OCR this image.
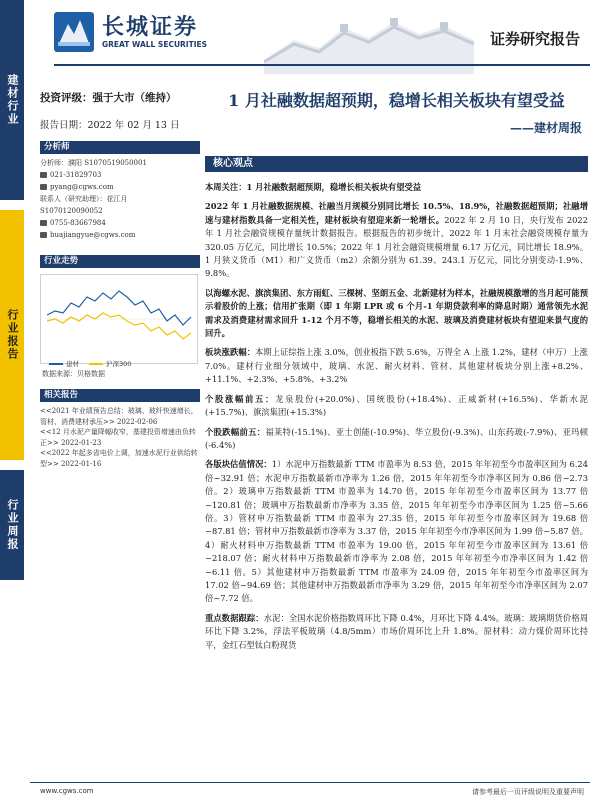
建材行业
行业报告
行业周报
长城证券
GREAT WALL SECURITIES	证券研究报告
投资评级：强于大市（维持）
报告日期：2022 年 02 月 13 日
分析师
分析师：濮阳 S1070519050001
021-31829703
pyang@cgws.com
联系人（研究助理）：花江月
S1070120090052
0755-83667984
huajiangyue@cgws.com
行业走势
建材	沪深300
数据来源：贝格数据
相关报告

<<2021 年业绩预告总结：玻璃、玻纤快速增长，管材、消费建材承压>> 2022-02-06

<<12 月水泥产量降幅收窄，基建投资增速由负转正>> 2022-01-23

<<2022 年起多省电价上调，加速水泥行业供给转型>> 2022-01-16

1 月社融数据超预期，稳增长相关板块有望受益
——建材周报
核心观点

本周关注：1 月社融数据超预期，稳增长相关板块有望受益

2022 年 1 月社融数据规模、社融当月规模分别同比增长 10.5%、18.9%，社融数据超预期；社融增速与建材指数具备一定相关性，建材板块有望迎来新一轮增长。2022 年 2 月 10 日，央行发布 2022 年 1 月社会融资规模存量统计数据报告。根据报告的初步统计，2022 年 1 月末社会融资规模存量为 320.05 万亿元，同比增长 10.5%；2022 年 1 月社会融资规模增量 6.17 万亿元，同比增长 18.9%。1 月狭义货币（M1）和广义货币（m2）余额分别为 61.39、243.1 万亿元，同比分别变动-1.9%、9.8%。

以海螺水泥、旗滨集团、东方雨虹、三棵树、坚朗五金、北新建材为样本，社融规模激增的当月起可能预示着股价的上涨；信用扩张期（即 1 年期 LPR 或 6 个月-1 年期贷款利率的降息时期）通常领先水泥需求及消费建材需求回升 1-12 个月不等，稳增长相关的水泥、玻璃及消费建材板块有望迎来景气度的回升。

板块涨跌幅：本期上证综指上涨 3.0%，创业板指下跌 5.6%，万得全 A 上涨 1.2%，建材（申万）上涨 7.0%。建材行业细分领域中，玻璃、水泥、耐火材料、管材、其他建材板块分别上涨+8.2%、+11.1%、+2.3%、+5.8%、+3.2%

个股涨幅前五：龙泉股份(+20.0%)、国统股份(+18.4%)、正威新材(+16.5%)、华新水泥(+15.7%)、旗滨集团(+15.3%)

个股跌幅前五：福莱特(-15.1%)、亚士创能(-10.9%)、华立股份(-9.3%)、山东药玻(-7.9%)、亚玛顿(-6.4%)

各版块估值情况：1）水泥申万指数最新 TTM 市盈率为 8.53 倍，2015 年年初至今市盈率区间为 6.24 倍~32.91 倍；水泥申万指数最新市净率为 1.26 倍，2015 年年初至今市净率区间为 0.86 倍~2.73 倍。2）玻璃申万指数最新 TTM 市盈率为 14.70 倍，2015 年年初至今市盈率区间为 13.77 倍~120.81 倍；玻璃申万指数最新市净率为 3.35 倍，2015 年年初至今市净率区间为 1.25 倍~5.66 倍。3）管材申万指数最新 TTM 市盈率为 27.35 倍，2015 年年初至今市盈率区间为 19.68 倍~87.81 倍；管材申万指数最新市净率为 3.37 倍，2015 年年初至今市净率区间为 1.99 倍~5.87 倍。4）耐火材料申万指数最新 TTM 市盈率为 19.00 倍，2015 年年初至今市盈率区间为 13.61 倍~218.07 倍；耐火材料申万指数最新市净率为 2.08 倍，2015 年年初至今市净率区间为 1.42 倍~6.11 倍。5）其他建材申万指数最新 TTM 市盈率为 24.09 倍，2015 年年初至今市盈率区间为 17.02 倍~94.69 倍；其他建材申万指数最新市净率为 3.29 倍，2015 年年初至今市净率区间为 2.07 倍~7.72 倍。

重点数据跟踪：水泥：全国水泥价格指数周环比下降 0.4%，月环比下降 4.4%。玻璃：玻璃期货价格周环比下降 3.2%，浮法平板玻璃（4.8/5mm）市场价周环比上升 1.8%。原材料：动力煤价周环比持平，金红石型钛白粉现货

www.cgws.com	请参考最后一页评级说明及重要声明
